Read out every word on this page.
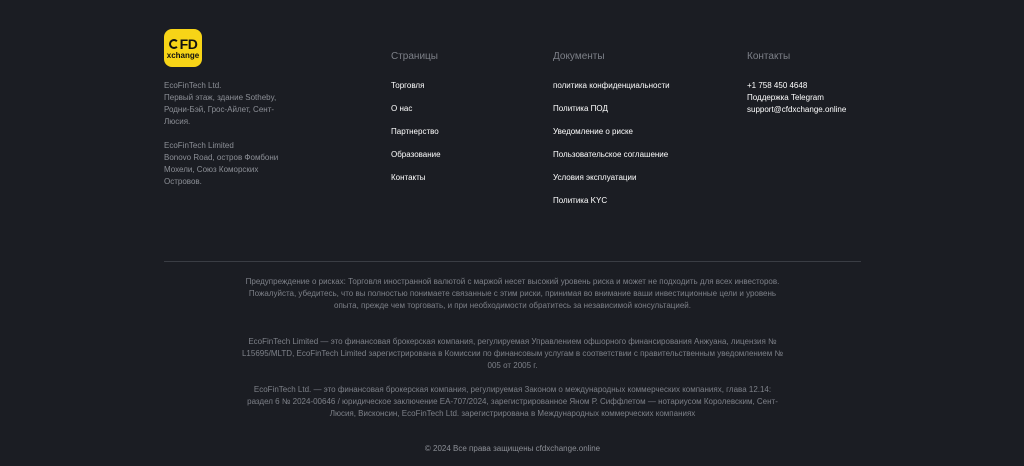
FD
xchange
EcoFinTech Ltd.
Первый этаж, здание Sotheby, Родни-Бэй, Грос-Айлет, Сент-Люсия.
EcoFinTech Limited
Bonovo Road, остров Фомбони Мохели, Союз Коморских Островов.
Страницы
Торговля
О нас
Партнерство
Образование
Контакты
Документы
политика конфиденциальности
Политика ПОД
Уведомление о риске
Пользовательское соглашение
Условия эксплуатации
Политика KYC
Контакты
+1 758 450 4648
Поддержка Telegram
support@cfdxchange.online

Предупреждение о рисках: Торговля иностранной валютой с маржой несет высокий уровень риска и может не подходить для всех инвесторов. Пожалуйста, убедитесь, что вы полностью понимаете связанные с этим риски, принимая во внимание ваши инвестиционные цели и уровень опыта, прежде чем торговать, и при необходимости обратитесь за независимой консультацией.

EcoFinTech Limited — это финансовая брокерская компания, регулируемая Управлением офшорного финансирования Анжуана, лицензия № L15695/MLTD, EcoFinTech Limited зарегистрирована в Комиссии по финансовым услугам в соответствии с правительственным уведомлением № 005 от 2005 г.

EcoFinTech Ltd. — это финансовая брокерская компания, регулируемая Законом о международных коммерческих компаниях, глава 12.14: раздел 6 № 2024-00646 / юридическое заключение EA-707/2024, зарегистрированное Яном Р. Сиффлетом — нотариусом Королевским, Сент-Люсия, Висконсин, EcoFinTech Ltd. зарегистрирована в Международных коммерческих компаниях

© 2024 Все права защищены cfdxchange.online
